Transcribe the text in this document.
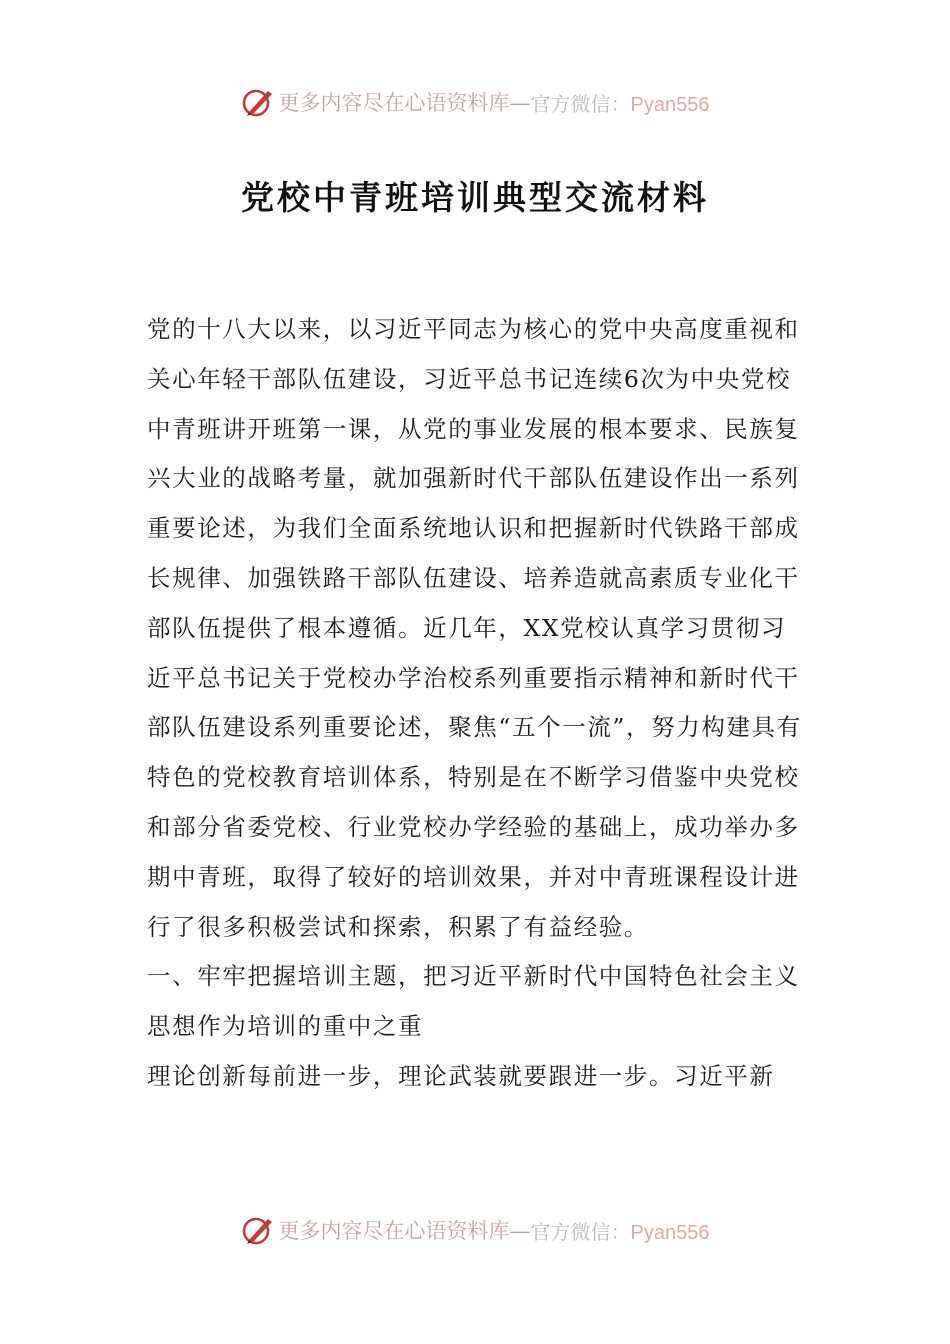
更多内容尽在心语资料库— 官方微信：Pyan556
党校中青班培训典型交流材料

党的十八大以来，以习近平同志为核心的党中央高度重视和关心年轻干部队伍建设，习近平总书记连续6次为中央党校中青班讲开班第一课，从党的事业发展的根本要求、民族复兴大业的战略考量，就加强新时代干部队伍建设作出一系列重要论述，为我们全面系统地认识和把握新时代铁路干部成长规律、加强铁路干部队伍建设、培养造就高素质专业化干部队伍提供了根本遵循。近几年，XX党校认真学习贯彻习近平总书记关于党校办学治校系列重要指示精神和新时代干部队伍建设系列重要论述，聚焦“五个一流”，努力构建具有特色的党校教育培训体系，特别是在不断学习借鉴中央党校和部分省委党校、行业党校办学经验的基础上，成功举办多期中青班，取得了较好的培训效果，并对中青班课程设计进行了很多积极尝试和探索，积累了有益经验。

一、牢牢把握培训主题，把习近平新时代中国特色社会主义思想作为培训的重中之重

理论创新每前进一步，理论武装就要跟进一步。习近平新

更多内容尽在心语资料库— 官方微信：Pyan556
